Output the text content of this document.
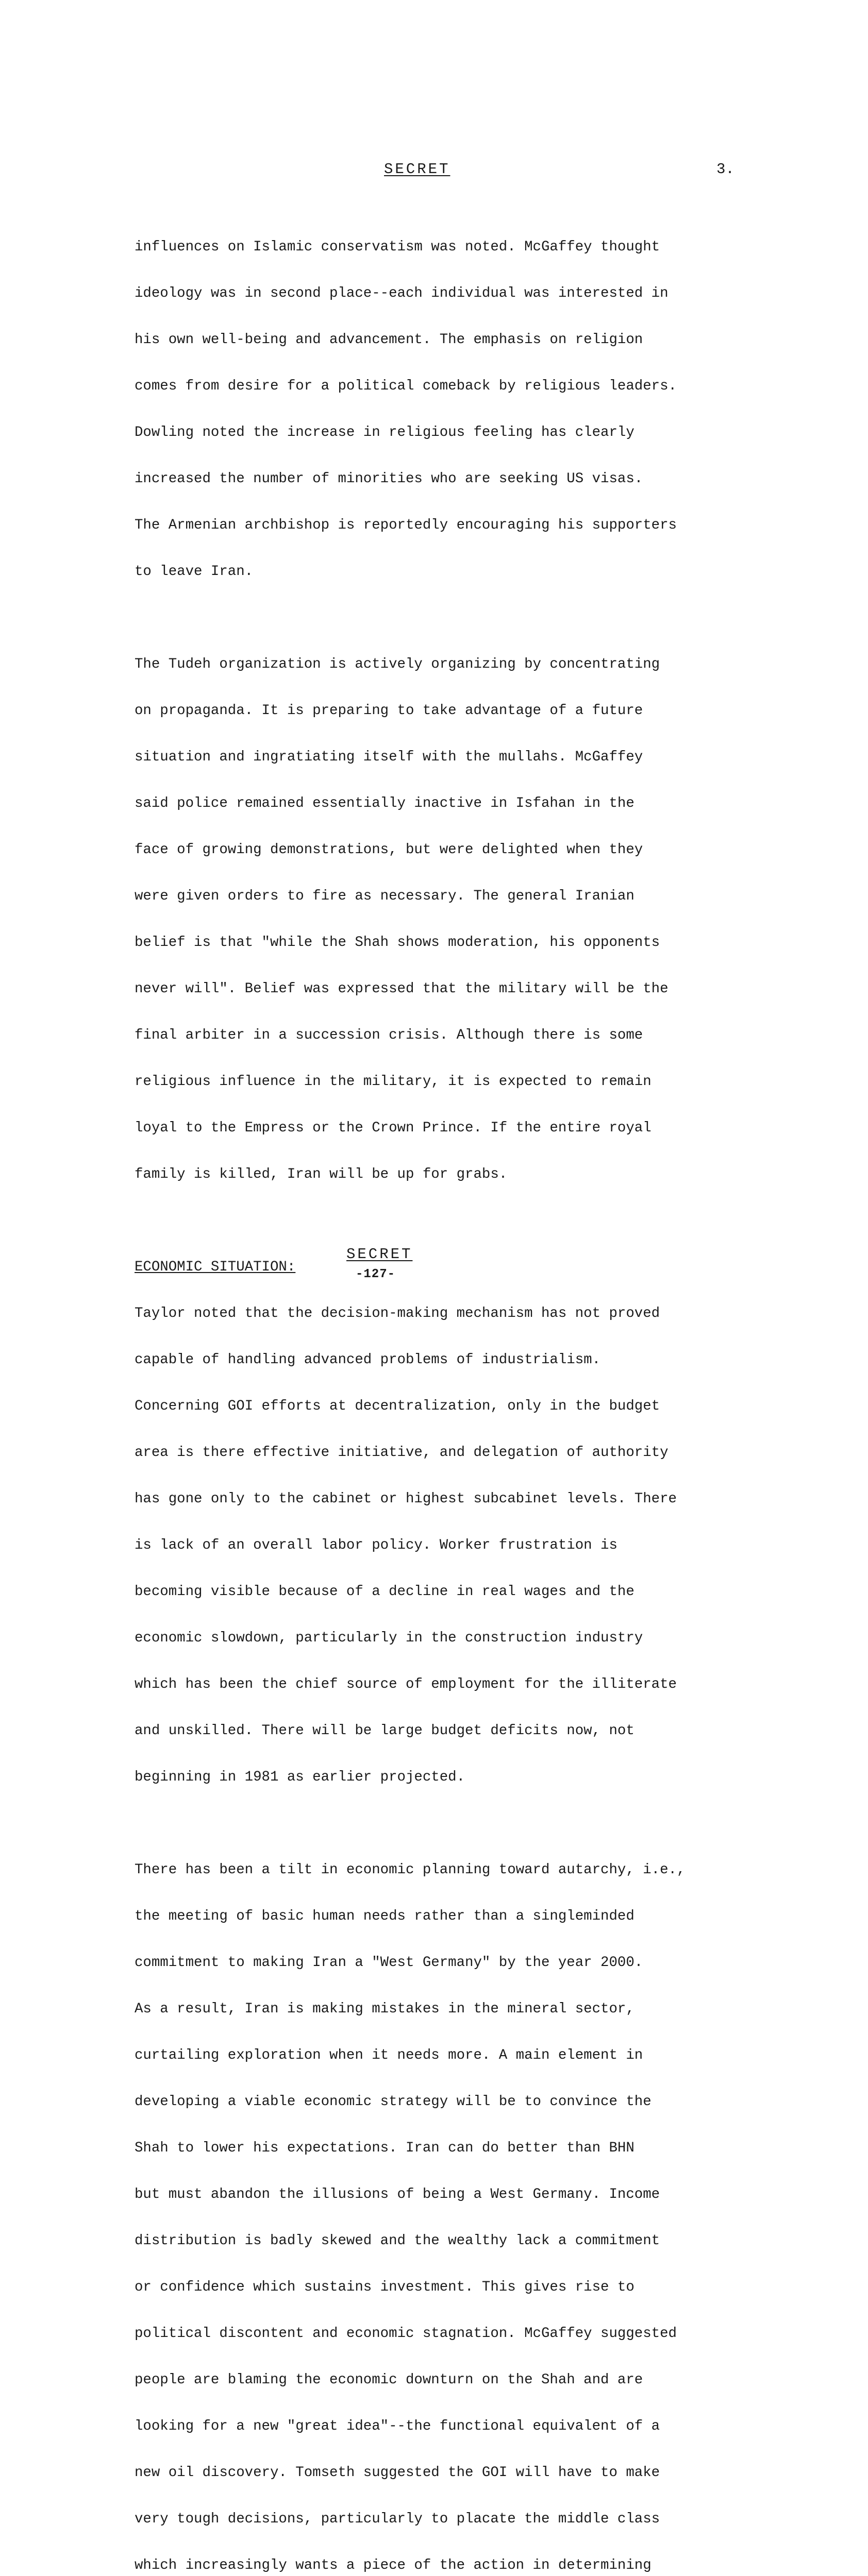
SECRET	3.

influences on Islamic conservatism was noted. McGaffey thought

ideology was in second place--each individual was interested in

his own well-being and advancement. The emphasis on religion

comes from desire for a political comeback by religious leaders.

Dowling noted the increase in religious feeling has clearly

increased the number of minorities who are seeking US visas.

The Armenian archbishop is reportedly encouraging his supporters

to leave Iran.

The Tudeh organization is actively organizing by concentrating

on propaganda. It is preparing to take advantage of a future

situation and ingratiating itself with the mullahs. McGaffey

said police remained essentially inactive in Isfahan in the

face of growing demonstrations, but were delighted when they

were given orders to fire as necessary. The general Iranian

belief is that "while the Shah shows moderation, his opponents

never will". Belief was expressed that the military will be the

final arbiter in a succession crisis. Although there is some

religious influence in the military, it is expected to remain

loyal to the Empress or the Crown Prince. If the entire royal

family is killed, Iran will be up for grabs.

ECONOMIC SITUATION:

Taylor noted that the decision-making mechanism has not proved

capable of handling advanced problems of industrialism.

Concerning GOI efforts at decentralization, only in the budget

area is there effective initiative, and delegation of authority

has gone only to the cabinet or highest subcabinet levels. There

is lack of an overall labor policy. Worker frustration is

becoming visible because of a decline in real wages and the

economic slowdown, particularly in the construction industry

which has been the chief source of employment for the illiterate

and unskilled. There will be large budget deficits now, not

beginning in 1981 as earlier projected.

There has been a tilt in economic planning toward autarchy, i.e.,

the meeting of basic human needs rather than a singleminded

commitment to making Iran a "West Germany" by the year 2000.

As a result, Iran is making mistakes in the mineral sector,

curtailing exploration when it needs more. A main element in

developing a viable economic strategy will be to convince the

Shah to lower his expectations. Iran can do better than BHN

but must abandon the illusions of being a West Germany. Income

distribution is badly skewed and the wealthy lack a commitment

or confidence which sustains investment. This gives rise to

political discontent and economic stagnation. McGaffey suggested

people are blaming the economic downturn on the Shah and are

looking for a new "great idea"--the functional equivalent of a

new oil discovery. Tomseth suggested the GOI will have to make

very tough decisions, particularly to placate the middle class

which increasingly wants a piece of the action in determining

SECRET
-127-
